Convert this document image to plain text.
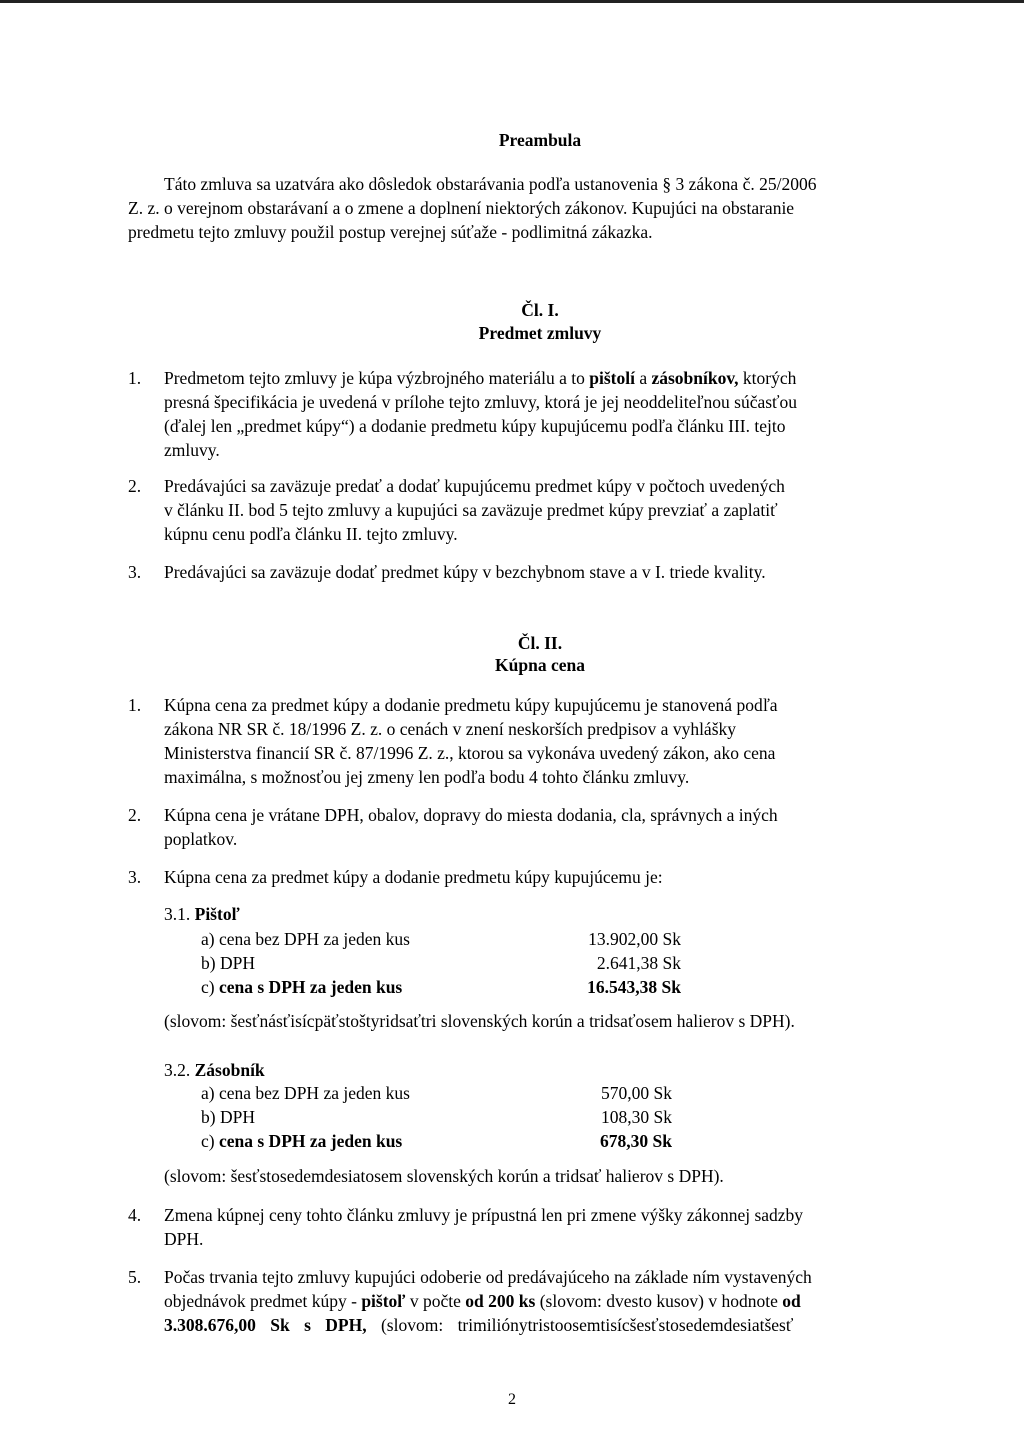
Preambula
Táto zmluva sa uzatvára ako dôsledok obstarávania podľa ustanovenia § 3 zákona č. 25/2006
Z. z. o verejnom obstarávaní a o zmene a doplnení niektorých zákonov. Kupujúci na obstaranie
predmetu tejto zmluvy použil postup verejnej súťaže - podlimitná zákazka.
Čl. I.
Predmet zmluvy
1. Predmetom tejto zmluvy je kúpa výzbrojného materiálu a to pištolí a zásobníkov, ktorých
presná špecifikácia je uvedená v prílohe tejto zmluvy, ktorá je jej neoddeliteľnou súčasťou
(ďalej len „predmet kúpy“) a dodanie predmetu kúpy kupujúcemu podľa článku III. tejto
zmluvy.
2. Predávajúci sa zaväzuje predať a dodať kupujúcemu predmet kúpy v počtoch uvedených
v článku II. bod 5 tejto zmluvy a kupujúci sa zaväzuje predmet kúpy prevziať a zaplatiť
kúpnu cenu podľa článku II. tejto zmluvy.
3. Predávajúci sa zaväzuje dodať predmet kúpy v bezchybnom stave a v I. triede kvality.
Čl. II.
Kúpna cena
1. Kúpna cena za predmet kúpy a dodanie predmetu kúpy kupujúcemu je stanovená podľa
zákona NR SR č. 18/1996 Z. z. o cenách v znení neskorších predpisov a vyhlášky
Ministerstva financií SR č. 87/1996 Z. z., ktorou sa vykonáva uvedený zákon, ako cena
maximálna, s možnosťou jej zmeny len podľa bodu 4 tohto článku zmluvy.
2. Kúpna cena je vrátane DPH, obalov, dopravy do miesta dodania, cla, správnych a iných
poplatkov.
3. Kúpna cena za predmet kúpy a dodanie predmetu kúpy kupujúcemu je:
3.1. Pištoľ
a) cena bez DPH za jeden kus	13.902,00 Sk
b) DPH	2.641,38 Sk
c) cena s DPH za jeden kus	16.543,38 Sk
(slovom: šesťnásťisícpäťstoštyridsaťtri slovenských korún a tridsaťosem halierov s DPH).
3.2. Zásobník
a) cena bez DPH za jeden kus	570,00 Sk
b) DPH	108,30 Sk
c) cena s DPH za jeden kus	678,30 Sk
(slovom: šesťstosedemdesiatosem slovenských korún a tridsať halierov s DPH).
4. Zmena kúpnej ceny tohto článku zmluvy je prípustná len pri zmene výšky zákonnej sadzby
DPH.
5. Počas trvania tejto zmluvy kupujúci odoberie od predávajúceho na základe ním vystavených
objednávok predmet kúpy - pištoľ v počte od 200 ks (slovom: dvesto kusov) v hodnote od
3.308.676,00 Sk s DPH, (slovom: trimiliónytristoosemtisícšesťstosedemdesiatšesť
2
